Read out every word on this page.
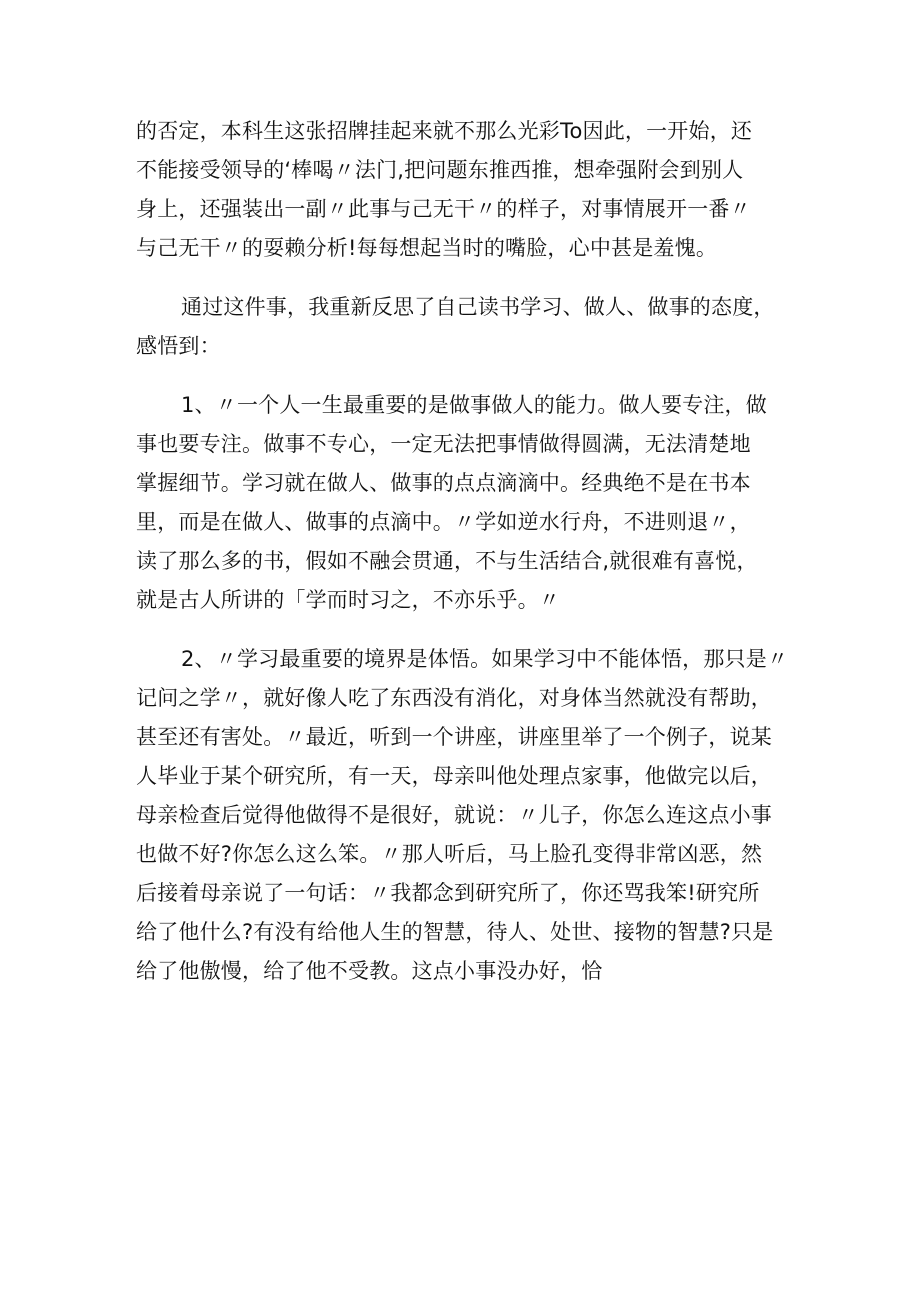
的否定，本科生这张招牌挂起来就不那么光彩To因此，一开始，还
不能接受领导的‘棒喝〃法门,把问题东推西推，想牵强附会到别人
身上，还强装出一副〃此事与己无干〃的样子，对事情展开一番〃
与己无干〃的耍赖分析!每每想起当时的嘴脸，心中甚是羞愧。
通过这件事，我重新反思了自己读书学习、做人、做事的态度，
感悟到：
1、〃一个人一生最重要的是做事做人的能力。做人要专注，做
事也要专注。做事不专心，一定无法把事情做得圆满，无法清楚地
掌握细节。学习就在做人、做事的点点滴滴中。经典绝不是在书本
里，而是在做人、做事的点滴中。〃学如逆水行舟，不进则退〃，
读了那么多的书，假如不融会贯通，不与生活结合,就很难有喜悦，
就是古人所讲的「学而时习之，不亦乐乎。〃
2、〃学习最重要的境界是体悟。如果学习中不能体悟，那只是〃
记问之学〃，就好像人吃了东西没有消化，对身体当然就没有帮助，
甚至还有害处。〃最近，听到一个讲座，讲座里举了一个例子，说某
人毕业于某个研究所，有一天，母亲叫他处理点家事，他做完以后，
母亲检查后觉得他做得不是很好，就说：〃儿子，你怎么连这点小事
也做不好?你怎么这么笨。〃那人听后，马上脸孔变得非常凶恶，然
后接着母亲说了一句话：〃我都念到研究所了，你还骂我笨!研究所
给了他什么?有没有给他人生的智慧，待人、处世、接物的智慧?只是
给了他傲慢，给了他不受教。这点小事没办好，恰
